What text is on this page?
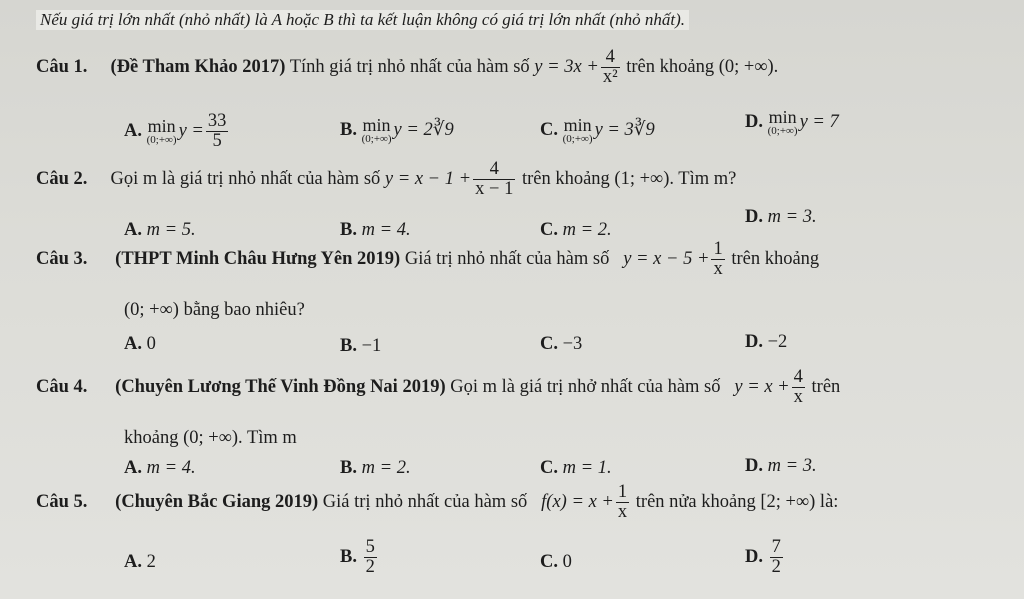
Nếu giá trị lớn nhất (nhỏ nhất) là A hoặc B thì ta kết luận không có giá trị lớn nhất (nhỏ nhất).
Câu 1. (Đề Tham Khảo 2017) Tính giá trị nhỏ nhất của hàm số $y = 3x + \frac{4}{\text{x²}}$ trên khoảng (0; +∞).
A. min
(0;+∞) $y = \frac{33}{5}$	B. min
(0;+∞) y = 2∛9	C. min
(0;+∞) y = 3∛9	D. min
(0;+∞) y = 7
Câu 2. Gọi m là giá trị nhỏ nhất của hàm số $y = x - 1 + \frac{4}{x - 1}$ trên khoảng (1; +∞). Tìm m?
A. m = 5.	B. m = 4.	C. m = 2.
D. m = 3.
Câu 3. (THPT Minh Châu Hưng Yên 2019) Giá trị nhỏ nhất của hàm số $y = x - 5 + \frac{1}{x}$ trên khoảng
(0; +∞) bằng bao nhiêu?
A. 0	B. −1	C. −3	D. −2
Câu 4. (Chuyên Lương Thế Vinh Đồng Nai 2019) Gọi m là giá trị nhở nhất của hàm số $y = x + \frac{4}{x}$ trên
khoảng (0; +∞). Tìm m
A. m = 4.	B. m = 2.	C. m = 1.	D. m = 3.
Câu 5. (Chuyên Bắc Giang 2019) Giá trị nhỏ nhất của hàm số $f(x) = x + \frac{1}{x}$ trên nửa khoảng [2; +∞) là:
A. 2	B. $\frac{5}{2}$	C. 0	D. $\frac{7}{2}$
